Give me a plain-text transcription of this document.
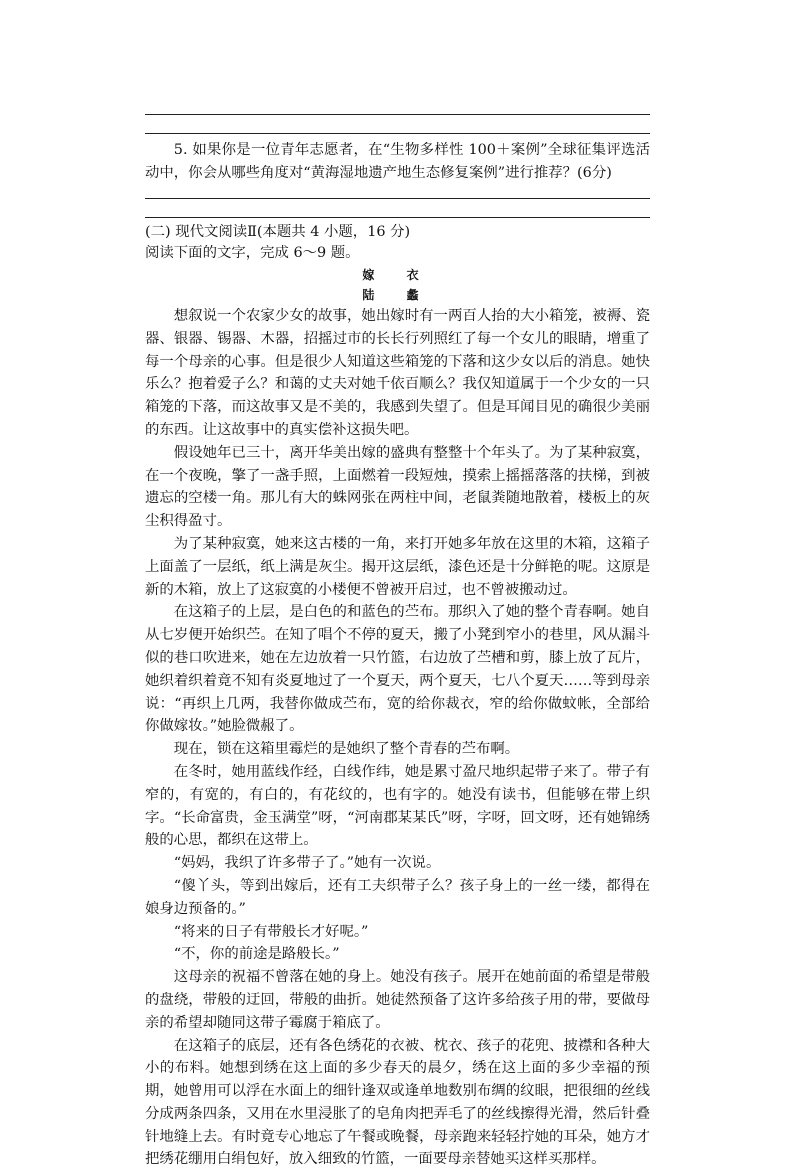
5. 如果你是一位青年志愿者，在“生物多样性 100＋案例”全球征集评选活动中，你会从哪些角度对“黄海湿地遗产地生态修复案例”进行推荐？(6分)

(二) 现代文阅读Ⅱ(本题共 4 小题，16 分)
阅读下面的文字，完成 6～9 题。
嫁 衣
陆 蠡

想叙说一个农家少女的故事，她出嫁时有一两百人抬的大小箱笼，被褥、瓷器、银器、锡器、木器，招摇过市的长长行列照红了每一个女儿的眼睛，增重了每一个母亲的心事。但是很少人知道这些箱笼的下落和这少女以后的消息。她快乐么？抱着爱子么？和蔼的丈夫对她千依百顺么？我仅知道属于一个少女的一只箱笼的下落，而这故事又是不美的，我感到失望了。但是耳闻目见的确很少美丽的东西。让这故事中的真实偿补这损失吧。

假设她年已三十，离开华美出嫁的盛典有整整十个年头了。为了某种寂寞，在一个夜晚，擎了一盏手照，上面燃着一段短烛，摸索上摇摇落落的扶梯，到被遗忘的空楼一角。那儿有大的蛛网张在两柱中间，老鼠粪随地散着，楼板上的灰尘积得盈寸。

为了某种寂寞，她来这古楼的一角，来打开她多年放在这里的木箱，这箱子上面盖了一层纸，纸上满是灰尘。揭开这层纸，漆色还是十分鲜艳的呢。这原是新的木箱，放上了这寂寞的小楼便不曾被开启过，也不曾被搬动过。

在这箱子的上层，是白色的和蓝色的苎布。那织入了她的整个青春啊。她自从七岁便开始织苎。在知了唱个不停的夏天，搬了小凳到窄小的巷里，风从漏斗似的巷口吹进来，她在左边放着一只竹篮，右边放了苎槽和剪，膝上放了瓦片，她织着织着竟不知有炎夏地过了一个夏天，两个夏天，七八个夏天……等到母亲说：“再织上几两，我替你做成苎布，宽的给你裁衣，窄的给你做蚊帐，全部给你做嫁妆。”她脸微赧了。

现在，锁在这箱里霉烂的是她织了整个青春的苎布啊。

在冬时，她用蓝线作经，白线作纬，她是累寸盈尺地织起带子来了。带子有窄的，有宽的，有白的，有花纹的，也有字的。她没有读书，但能够在带上织字。“长命富贵，金玉满堂”呀，“河南郡某某氏”呀，字呀，回文呀，还有她锦绣般的心思，都织在这带上。

“妈妈，我织了许多带子了。”她有一次说。

“傻丫头，等到出嫁后，还有工夫织带子么？孩子身上的一丝一缕，都得在娘身边预备的。”

“将来的日子有带般长才好呢。”

“不，你的前途是路般长。”

这母亲的祝福不曾落在她的身上。她没有孩子。展开在她前面的希望是带般的盘绕，带般的迂回，带般的曲折。她徒然预备了这许多给孩子用的带，要做母亲的希望却随同这带子霉腐于箱底了。

在这箱子的底层，还有各色绣花的衣被、枕衣、孩子的花兜、披襟和各种大小的布料。她想到绣在这上面的多少春天的晨夕，绣在这上面的多少幸福的预期，她曾用可以浮在水面上的细针逢双或逢单地数别布绸的纹眼，把很细的丝线分成两条四条，又用在水里浸胀了的皂角肉把弄毛了的丝线擦得光滑，然后针叠针地缝上去。有时竟专心地忘了午餐或晚餐，母亲跑来轻轻拧她的耳朵，她方才把绣花绷用白绢包好，放入细致的竹篮，一面要母亲替她买这样买那样。
